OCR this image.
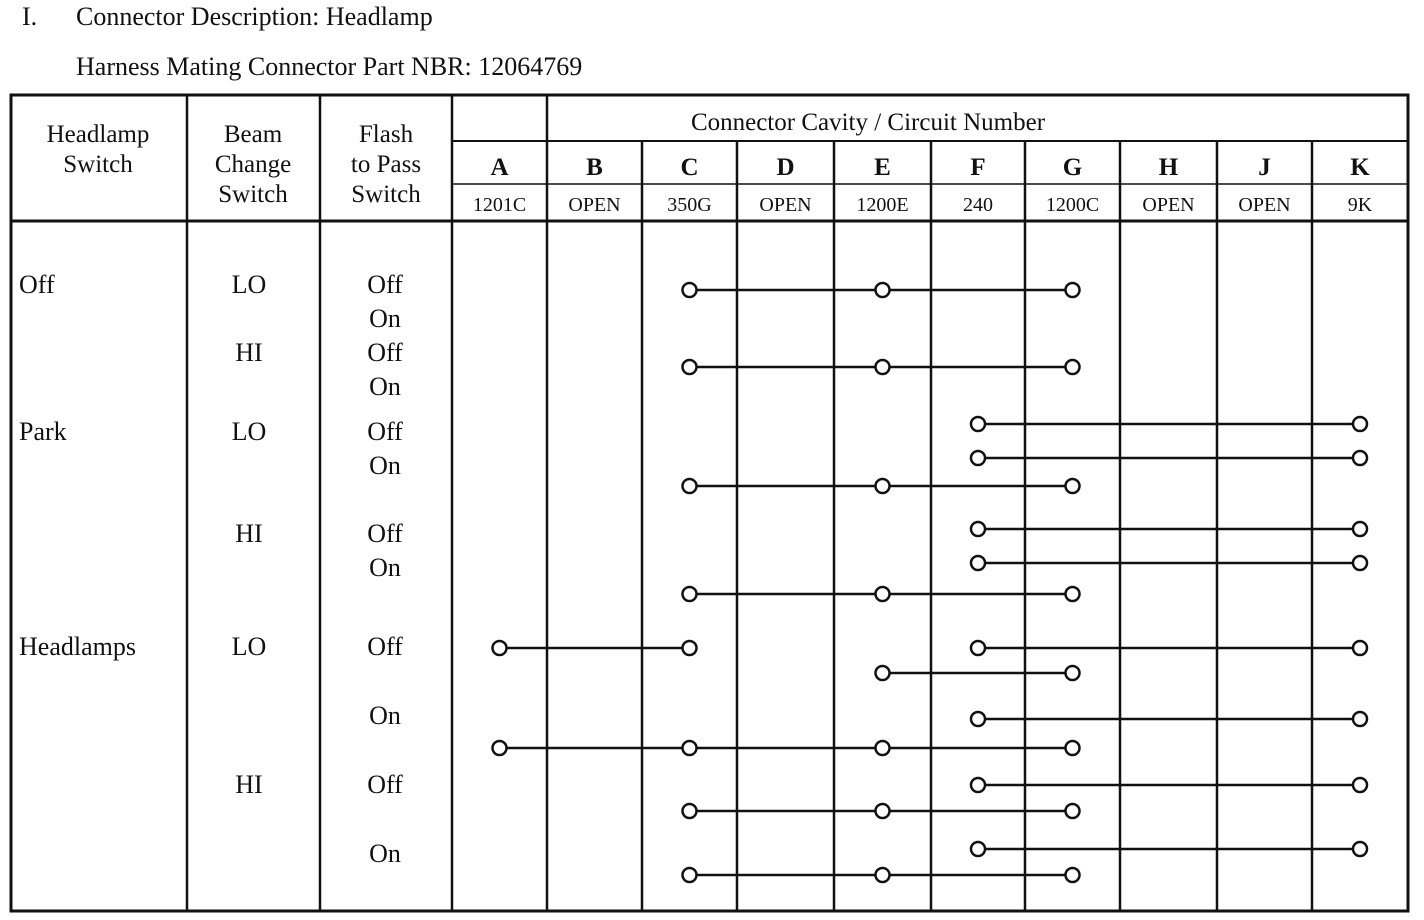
I. Connector Description: Headlamp
Harness Mating Connector Part NBR: 12064769
Headlamp
Switch
Beam
Change
Switch
Flash
to Pass
Switch
Connector Cavity / Circuit Number
A
1201C
B
OPEN
C
350G
D
OPEN
E
1200E
F
240
G
1200C
H
OPEN
J
OPEN
K
9K
Off
Park
Headlamps
LO
HI
LO
HI
LO
HI
Off
On
Off
On
Off
On
Off
On
Off
On
Off
On
